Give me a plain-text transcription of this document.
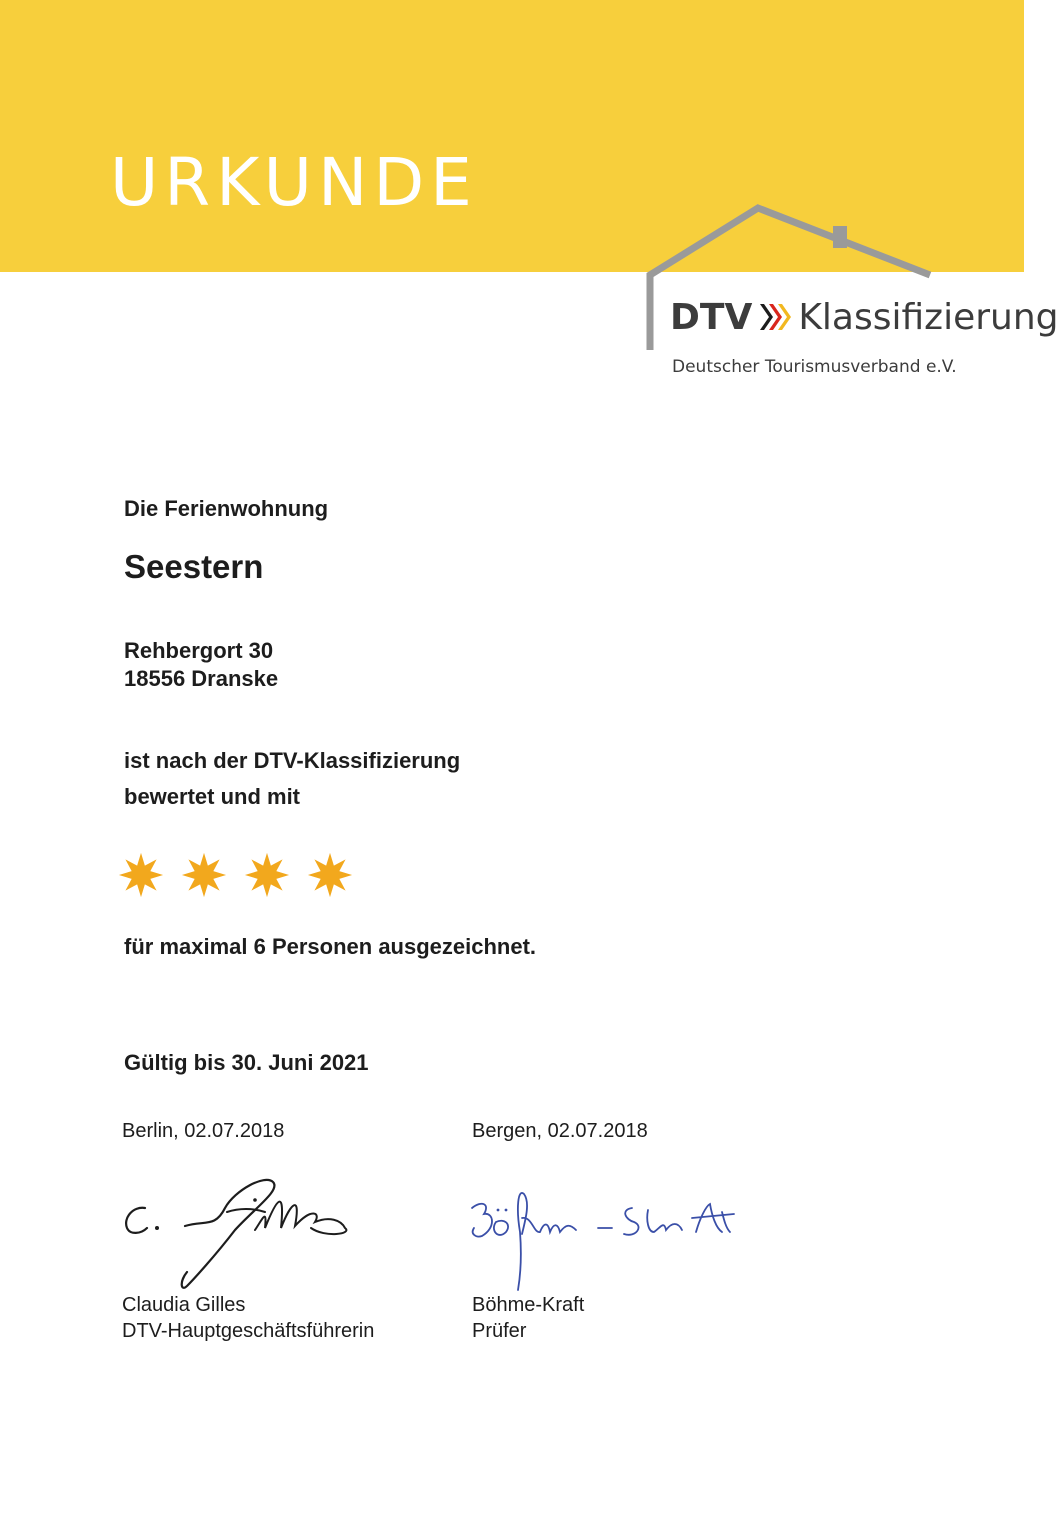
URKUNDE
DTV Klassifizierung
Deutscher Tourismusverband e.V.
Die Ferienwohnung
Seestern
Rehbergort 30
18556 Dranske
ist nach der DTV-Klassifizierung
bewertet und mit
für maximal 6 Personen ausgezeichnet.
Gültig bis 30. Juni 2021
Berlin, 02.07.2018	Bergen, 02.07.2018
Claudia Gilles
DTV-Hauptgeschäftsführerin
Böhme-Kraft
Prüfer
